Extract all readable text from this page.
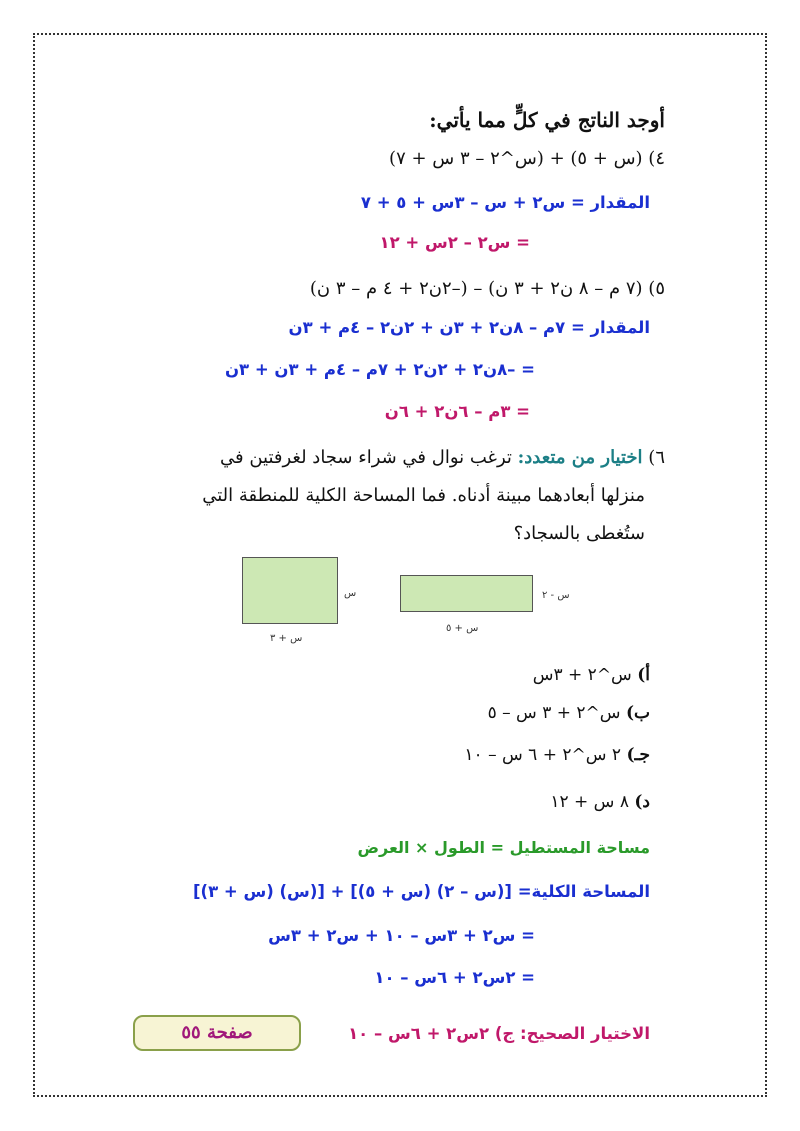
أوجد الناتج في كلٍّ مما يأتي:
٤) (س + ٥) + (س^٢ – ٣ س + ٧)
المقدار = س٢ + س – ٣س + ٥ + ٧
= س٢ – ٢س + ١٢
٥) (٧ م – ٨ ن٢ + ٣ ن) – (–٢ن٢ + ٤ م – ٣ ن)
المقدار = ٧م – ٨ن٢ + ٣ن + ٢ن٢ – ٤م + ٣ن
= –٨ن٢ + ٢ن٢ + ٧م – ٤م + ٣ن + ٣ن
= ٣م – ٦ن٢ + ٦ن
٦) اختيار من متعدد: ترغب نوال في شراء سجاد لغرفتين في
منزلها أبعادهما مبينة أدناه. فما المساحة الكلية للمنطقة التي
ستُغطى بالسجاد؟
س
س + ٣
س - ٢
س + ٥
أ) س^٢ + ٣س
ب) س^٢ + ٣ س – ٥
جـ) ٢ س^٢ + ٦ س – ١٠
د) ٨ س + ١٢
مساحة المستطيل = الطول × العرض
المساحة الكلية= [(س – ٢) (س + ٥)] + [(س) (س + ٣)]
= س٢ + ٣س – ١٠ + س٢ + ٣س
= ٢س٢ + ٦س – ١٠
صفحة ٥٥	الاختيار الصحيح: ج) ٢س٢ + ٦س – ١٠
